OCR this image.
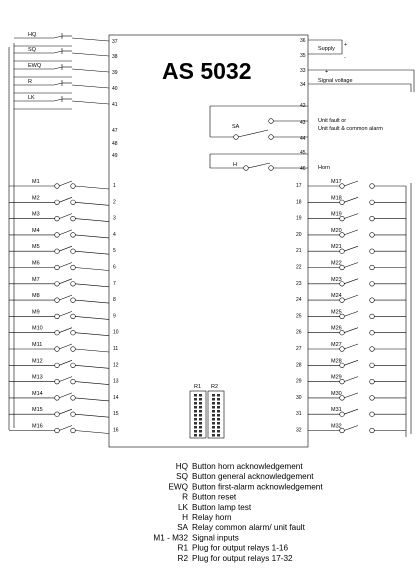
AS 5032
HQ
37
SQ
38
EWQ
39
R
40
LK
41
47
48
49
36
35
Supply
+
-
33
34
Signal voltage
+
42
43
44
SA
Unit fault or
Unit fault & common alarm
45
46
H	Horn
M1
1
M2
2
M3
3
M4
4
M5
5
M6
6
M7
7
M8
8
M9
9
M10
10
M11
11
M12
12
M13
13
M14
14
M15
15
M16
16
M17
17
M18
18
M19
19
M20
20
M21
21
M22
22
M23
23
M24
24
M25
25
M26
26
M27
27
M28
28
M29
29
M30
30
M31
31
M32
32
R1 R2
HQ Button horn acknowledgement
SQ Button general acknowledgement
EWQ Button first-alarm acknowledgement
R Button reset
LK Button lamp test
H Relay horn
SA Relay common alarm/ unit fault
M1 - M32 Signal inputs
R1 Plug for output relays 1-16
R2 Plug for output relays 17-32
